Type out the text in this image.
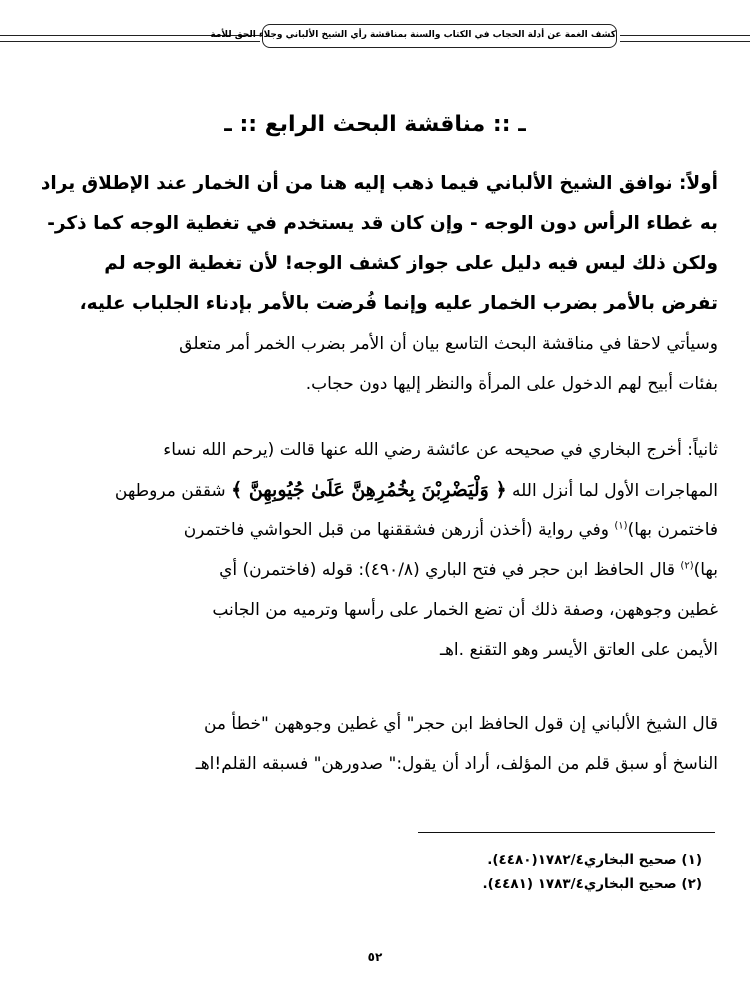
كشف الغمة عن أدلة الحجاب في الكتاب والسنة بمناقشة رأي الشيخ الألباني وجلاء الحق للأمة
ـ :: مناقشة البحث الرابع :: ـ
أولاً: نوافق الشيخ الألباني فيما ذهب إليه هنا من أن الخمار عند الإطلاق يراد
به غطاء الرأس دون الوجه - وإن كان قد يستخدم في تغطية الوجه كما ذكر-
ولكن ذلك ليس فيه دليل على جواز كشف الوجه! لأن تغطية الوجه لم
تفرض بالأمر بضرب الخمار عليه وإنما فُرضت بالأمر بإدناء الجلباب عليه،
وسيأتي لاحقا في مناقشة البحث التاسع بيان أن الأمر بضرب الخمر أمر متعلق
بفئات أبيح لهم الدخول على المرأة والنظر إليها دون حجاب.
ثانياً: أخرج البخاري في صحيحه عن عائشة رضي الله عنها قالت (يرحم الله نساء
المهاجرات الأول لما أنزل الله ﴿ وَلْيَضْرِبْنَ بِخُمُرِهِنَّ عَلَىٰ جُيُوبِهِنَّ ﴾ شققن مروطهن
فاختمرن بها)$^{(١)}$ وفي رواية (أخذن أزرهن فشققنها من قبل الحواشي فاختمرن
بها)$^{(٢)}$ قال الحافظ ابن حجر في فتح الباري (٤٩٠/٨): قوله (فاختمرن) أي
غطين وجوههن، وصفة ذلك أن تضع الخمار على رأسها وترميه من الجانب
الأيمن على العاتق الأيسر وهو التقنع .اهـ
قال الشيخ الألباني إن قول الحافظ ابن حجر" أي غطين وجوههن "خطأ من
الناسخ أو سبق قلم من المؤلف، أراد أن يقول:" صدورهن" فسبقه القلم!اهـ
(١) صحيح البخاري١٧٨٢/٤(٤٤٨٠).
(٢) صحيح البخاري١٧٨٣/٤ (٤٤٨١).
٥٢
